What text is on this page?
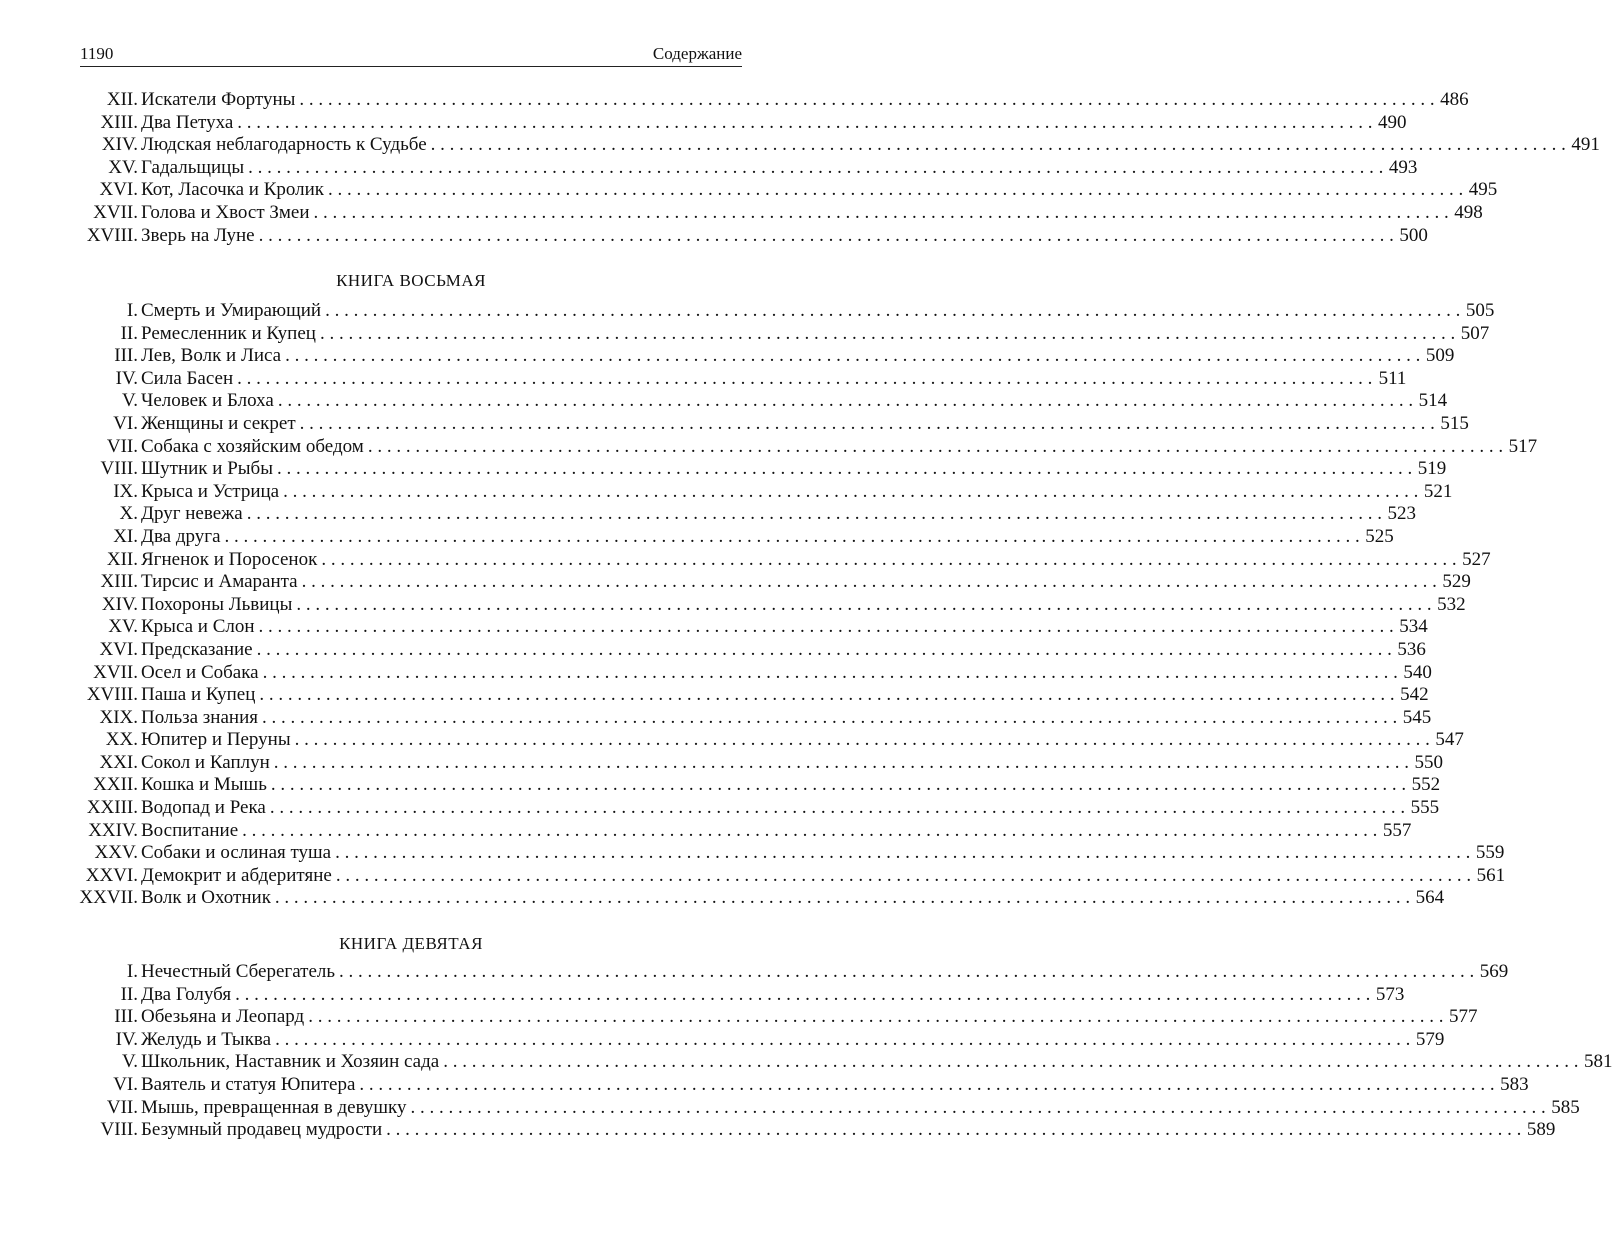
1190	Содержание
XII. Искатели Фортуны . . . . . . . . . . . . . . . . . . . . . . . . . . . . . . . . . . . . . . . . . . . . . . . . . . . . . . . . . . . . . . . . . . . . . . . . . . . . . . . . . . . . . . . . . . . . . . . . . . . . . . . . . . . . . . . . . . . . . . . . 486
XIII. Два Петуха . . . . . . . . . . . . . . . . . . . . . . . . . . . . . . . . . . . . . . . . . . . . . . . . . . . . . . . . . . . . . . . . . . . . . . . . . . . . . . . . . . . . . . . . . . . . . . . . . . . . . . . . . . . . . . . . . . . . . . . . 490
XIV. Людская неблагодарность к Судьбе . . . . . . . . . . . . . . . . . . . . . . . . . . . . . . . . . . . . . . . . . . . . . . . . . . . . . . . . . . . . . . . . . . . . . . . . . . . . . . . . . . . . . . . . . . . . . . . . . . . . . . . . . . . . . . . . . . . . . . . . 491
XV. Гадальщицы . . . . . . . . . . . . . . . . . . . . . . . . . . . . . . . . . . . . . . . . . . . . . . . . . . . . . . . . . . . . . . . . . . . . . . . . . . . . . . . . . . . . . . . . . . . . . . . . . . . . . . . . . . . . . . . . . . . . . . . . 493
XVI. Кот, Ласочка и Кролик . . . . . . . . . . . . . . . . . . . . . . . . . . . . . . . . . . . . . . . . . . . . . . . . . . . . . . . . . . . . . . . . . . . . . . . . . . . . . . . . . . . . . . . . . . . . . . . . . . . . . . . . . . . . . . . . . . . . . . . . 495
XVII. Голова и Хвост Змеи . . . . . . . . . . . . . . . . . . . . . . . . . . . . . . . . . . . . . . . . . . . . . . . . . . . . . . . . . . . . . . . . . . . . . . . . . . . . . . . . . . . . . . . . . . . . . . . . . . . . . . . . . . . . . . . . . . . . . . . . 498
XVIII. Зверь на Луне . . . . . . . . . . . . . . . . . . . . . . . . . . . . . . . . . . . . . . . . . . . . . . . . . . . . . . . . . . . . . . . . . . . . . . . . . . . . . . . . . . . . . . . . . . . . . . . . . . . . . . . . . . . . . . . . . . . . . . . . 500
КНИГА ВОСЬМАЯ
I. Смерть и Умирающий . . . . . . . . . . . . . . . . . . . . . . . . . . . . . . . . . . . . . . . . . . . . . . . . . . . . . . . . . . . . . . . . . . . . . . . . . . . . . . . . . . . . . . . . . . . . . . . . . . . . . . . . . . . . . . . . . . . . . . . . 505
II. Ремесленник и Купец . . . . . . . . . . . . . . . . . . . . . . . . . . . . . . . . . . . . . . . . . . . . . . . . . . . . . . . . . . . . . . . . . . . . . . . . . . . . . . . . . . . . . . . . . . . . . . . . . . . . . . . . . . . . . . . . . . . . . . . . 507
III. Лев, Волк и Лиса . . . . . . . . . . . . . . . . . . . . . . . . . . . . . . . . . . . . . . . . . . . . . . . . . . . . . . . . . . . . . . . . . . . . . . . . . . . . . . . . . . . . . . . . . . . . . . . . . . . . . . . . . . . . . . . . . . . . . . . . 509
IV. Сила Басен . . . . . . . . . . . . . . . . . . . . . . . . . . . . . . . . . . . . . . . . . . . . . . . . . . . . . . . . . . . . . . . . . . . . . . . . . . . . . . . . . . . . . . . . . . . . . . . . . . . . . . . . . . . . . . . . . . . . . . . . 511
V. Человек и Блоха . . . . . . . . . . . . . . . . . . . . . . . . . . . . . . . . . . . . . . . . . . . . . . . . . . . . . . . . . . . . . . . . . . . . . . . . . . . . . . . . . . . . . . . . . . . . . . . . . . . . . . . . . . . . . . . . . . . . . . . . 514
VI. Женщины и секрет . . . . . . . . . . . . . . . . . . . . . . . . . . . . . . . . . . . . . . . . . . . . . . . . . . . . . . . . . . . . . . . . . . . . . . . . . . . . . . . . . . . . . . . . . . . . . . . . . . . . . . . . . . . . . . . . . . . . . . . . 515
VII. Собака с хозяйским обедом . . . . . . . . . . . . . . . . . . . . . . . . . . . . . . . . . . . . . . . . . . . . . . . . . . . . . . . . . . . . . . . . . . . . . . . . . . . . . . . . . . . . . . . . . . . . . . . . . . . . . . . . . . . . . . . . . . . . . . . . 517
VIII. Шутник и Рыбы . . . . . . . . . . . . . . . . . . . . . . . . . . . . . . . . . . . . . . . . . . . . . . . . . . . . . . . . . . . . . . . . . . . . . . . . . . . . . . . . . . . . . . . . . . . . . . . . . . . . . . . . . . . . . . . . . . . . . . . . 519
IX. Крыса и Устрица . . . . . . . . . . . . . . . . . . . . . . . . . . . . . . . . . . . . . . . . . . . . . . . . . . . . . . . . . . . . . . . . . . . . . . . . . . . . . . . . . . . . . . . . . . . . . . . . . . . . . . . . . . . . . . . . . . . . . . . . 521
X. Друг невежа . . . . . . . . . . . . . . . . . . . . . . . . . . . . . . . . . . . . . . . . . . . . . . . . . . . . . . . . . . . . . . . . . . . . . . . . . . . . . . . . . . . . . . . . . . . . . . . . . . . . . . . . . . . . . . . . . . . . . . . . 523
XI. Два друга . . . . . . . . . . . . . . . . . . . . . . . . . . . . . . . . . . . . . . . . . . . . . . . . . . . . . . . . . . . . . . . . . . . . . . . . . . . . . . . . . . . . . . . . . . . . . . . . . . . . . . . . . . . . . . . . . . . . . . . . 525
XII. Ягненок и Поросенок . . . . . . . . . . . . . . . . . . . . . . . . . . . . . . . . . . . . . . . . . . . . . . . . . . . . . . . . . . . . . . . . . . . . . . . . . . . . . . . . . . . . . . . . . . . . . . . . . . . . . . . . . . . . . . . . . . . . . . . . 527
XIII. Тирсис и Амаранта . . . . . . . . . . . . . . . . . . . . . . . . . . . . . . . . . . . . . . . . . . . . . . . . . . . . . . . . . . . . . . . . . . . . . . . . . . . . . . . . . . . . . . . . . . . . . . . . . . . . . . . . . . . . . . . . . . . . . . . . 529
XIV. Похороны Львицы . . . . . . . . . . . . . . . . . . . . . . . . . . . . . . . . . . . . . . . . . . . . . . . . . . . . . . . . . . . . . . . . . . . . . . . . . . . . . . . . . . . . . . . . . . . . . . . . . . . . . . . . . . . . . . . . . . . . . . . . 532
XV. Крыса и Слон . . . . . . . . . . . . . . . . . . . . . . . . . . . . . . . . . . . . . . . . . . . . . . . . . . . . . . . . . . . . . . . . . . . . . . . . . . . . . . . . . . . . . . . . . . . . . . . . . . . . . . . . . . . . . . . . . . . . . . . . 534
XVI. Предсказание . . . . . . . . . . . . . . . . . . . . . . . . . . . . . . . . . . . . . . . . . . . . . . . . . . . . . . . . . . . . . . . . . . . . . . . . . . . . . . . . . . . . . . . . . . . . . . . . . . . . . . . . . . . . . . . . . . . . . . . . 536
XVII. Осел и Собака . . . . . . . . . . . . . . . . . . . . . . . . . . . . . . . . . . . . . . . . . . . . . . . . . . . . . . . . . . . . . . . . . . . . . . . . . . . . . . . . . . . . . . . . . . . . . . . . . . . . . . . . . . . . . . . . . . . . . . . . 540
XVIII. Паша и Купец . . . . . . . . . . . . . . . . . . . . . . . . . . . . . . . . . . . . . . . . . . . . . . . . . . . . . . . . . . . . . . . . . . . . . . . . . . . . . . . . . . . . . . . . . . . . . . . . . . . . . . . . . . . . . . . . . . . . . . . . 542
XIX. Польза знания . . . . . . . . . . . . . . . . . . . . . . . . . . . . . . . . . . . . . . . . . . . . . . . . . . . . . . . . . . . . . . . . . . . . . . . . . . . . . . . . . . . . . . . . . . . . . . . . . . . . . . . . . . . . . . . . . . . . . . . . 545
XX. Юпитер и Перуны . . . . . . . . . . . . . . . . . . . . . . . . . . . . . . . . . . . . . . . . . . . . . . . . . . . . . . . . . . . . . . . . . . . . . . . . . . . . . . . . . . . . . . . . . . . . . . . . . . . . . . . . . . . . . . . . . . . . . . . . 547
XXI. Сокол и Каплун . . . . . . . . . . . . . . . . . . . . . . . . . . . . . . . . . . . . . . . . . . . . . . . . . . . . . . . . . . . . . . . . . . . . . . . . . . . . . . . . . . . . . . . . . . . . . . . . . . . . . . . . . . . . . . . . . . . . . . . . 550
XXII. Кошка и Мышь . . . . . . . . . . . . . . . . . . . . . . . . . . . . . . . . . . . . . . . . . . . . . . . . . . . . . . . . . . . . . . . . . . . . . . . . . . . . . . . . . . . . . . . . . . . . . . . . . . . . . . . . . . . . . . . . . . . . . . . . 552
XXIII. Водопад и Река . . . . . . . . . . . . . . . . . . . . . . . . . . . . . . . . . . . . . . . . . . . . . . . . . . . . . . . . . . . . . . . . . . . . . . . . . . . . . . . . . . . . . . . . . . . . . . . . . . . . . . . . . . . . . . . . . . . . . . . . 555
XXIV. Воспитание . . . . . . . . . . . . . . . . . . . . . . . . . . . . . . . . . . . . . . . . . . . . . . . . . . . . . . . . . . . . . . . . . . . . . . . . . . . . . . . . . . . . . . . . . . . . . . . . . . . . . . . . . . . . . . . . . . . . . . . . 557
XXV. Собаки и ослиная туша . . . . . . . . . . . . . . . . . . . . . . . . . . . . . . . . . . . . . . . . . . . . . . . . . . . . . . . . . . . . . . . . . . . . . . . . . . . . . . . . . . . . . . . . . . . . . . . . . . . . . . . . . . . . . . . . . . . . . . . . 559
XXVI. Демокрит и абдеритяне . . . . . . . . . . . . . . . . . . . . . . . . . . . . . . . . . . . . . . . . . . . . . . . . . . . . . . . . . . . . . . . . . . . . . . . . . . . . . . . . . . . . . . . . . . . . . . . . . . . . . . . . . . . . . . . . . . . . . . . . 561
XXVII. Волк и Охотник . . . . . . . . . . . . . . . . . . . . . . . . . . . . . . . . . . . . . . . . . . . . . . . . . . . . . . . . . . . . . . . . . . . . . . . . . . . . . . . . . . . . . . . . . . . . . . . . . . . . . . . . . . . . . . . . . . . . . . . . 564
КНИГА ДЕВЯТАЯ
I. Нечестный Сберегатель . . . . . . . . . . . . . . . . . . . . . . . . . . . . . . . . . . . . . . . . . . . . . . . . . . . . . . . . . . . . . . . . . . . . . . . . . . . . . . . . . . . . . . . . . . . . . . . . . . . . . . . . . . . . . . . . . . . . . . . . 569
II. Два Голубя . . . . . . . . . . . . . . . . . . . . . . . . . . . . . . . . . . . . . . . . . . . . . . . . . . . . . . . . . . . . . . . . . . . . . . . . . . . . . . . . . . . . . . . . . . . . . . . . . . . . . . . . . . . . . . . . . . . . . . . . 573
III. Обезьяна и Леопард . . . . . . . . . . . . . . . . . . . . . . . . . . . . . . . . . . . . . . . . . . . . . . . . . . . . . . . . . . . . . . . . . . . . . . . . . . . . . . . . . . . . . . . . . . . . . . . . . . . . . . . . . . . . . . . . . . . . . . . . 577
IV. Желудь и Тыква . . . . . . . . . . . . . . . . . . . . . . . . . . . . . . . . . . . . . . . . . . . . . . . . . . . . . . . . . . . . . . . . . . . . . . . . . . . . . . . . . . . . . . . . . . . . . . . . . . . . . . . . . . . . . . . . . . . . . . . . 579
V. Школьник, Наставник и Хозяин сада . . . . . . . . . . . . . . . . . . . . . . . . . . . . . . . . . . . . . . . . . . . . . . . . . . . . . . . . . . . . . . . . . . . . . . . . . . . . . . . . . . . . . . . . . . . . . . . . . . . . . . . . . . . . . . . . . . . . . . . . 581
VI. Ваятель и статуя Юпитера . . . . . . . . . . . . . . . . . . . . . . . . . . . . . . . . . . . . . . . . . . . . . . . . . . . . . . . . . . . . . . . . . . . . . . . . . . . . . . . . . . . . . . . . . . . . . . . . . . . . . . . . . . . . . . . . . . . . . . . . 583
VII. Мышь, превращенная в девушку . . . . . . . . . . . . . . . . . . . . . . . . . . . . . . . . . . . . . . . . . . . . . . . . . . . . . . . . . . . . . . . . . . . . . . . . . . . . . . . . . . . . . . . . . . . . . . . . . . . . . . . . . . . . . . . . . . . . . . . . 585
VIII. Безумный продавец мудрости . . . . . . . . . . . . . . . . . . . . . . . . . . . . . . . . . . . . . . . . . . . . . . . . . . . . . . . . . . . . . . . . . . . . . . . . . . . . . . . . . . . . . . . . . . . . . . . . . . . . . . . . . . . . . . . . . . . . . . . . 589
